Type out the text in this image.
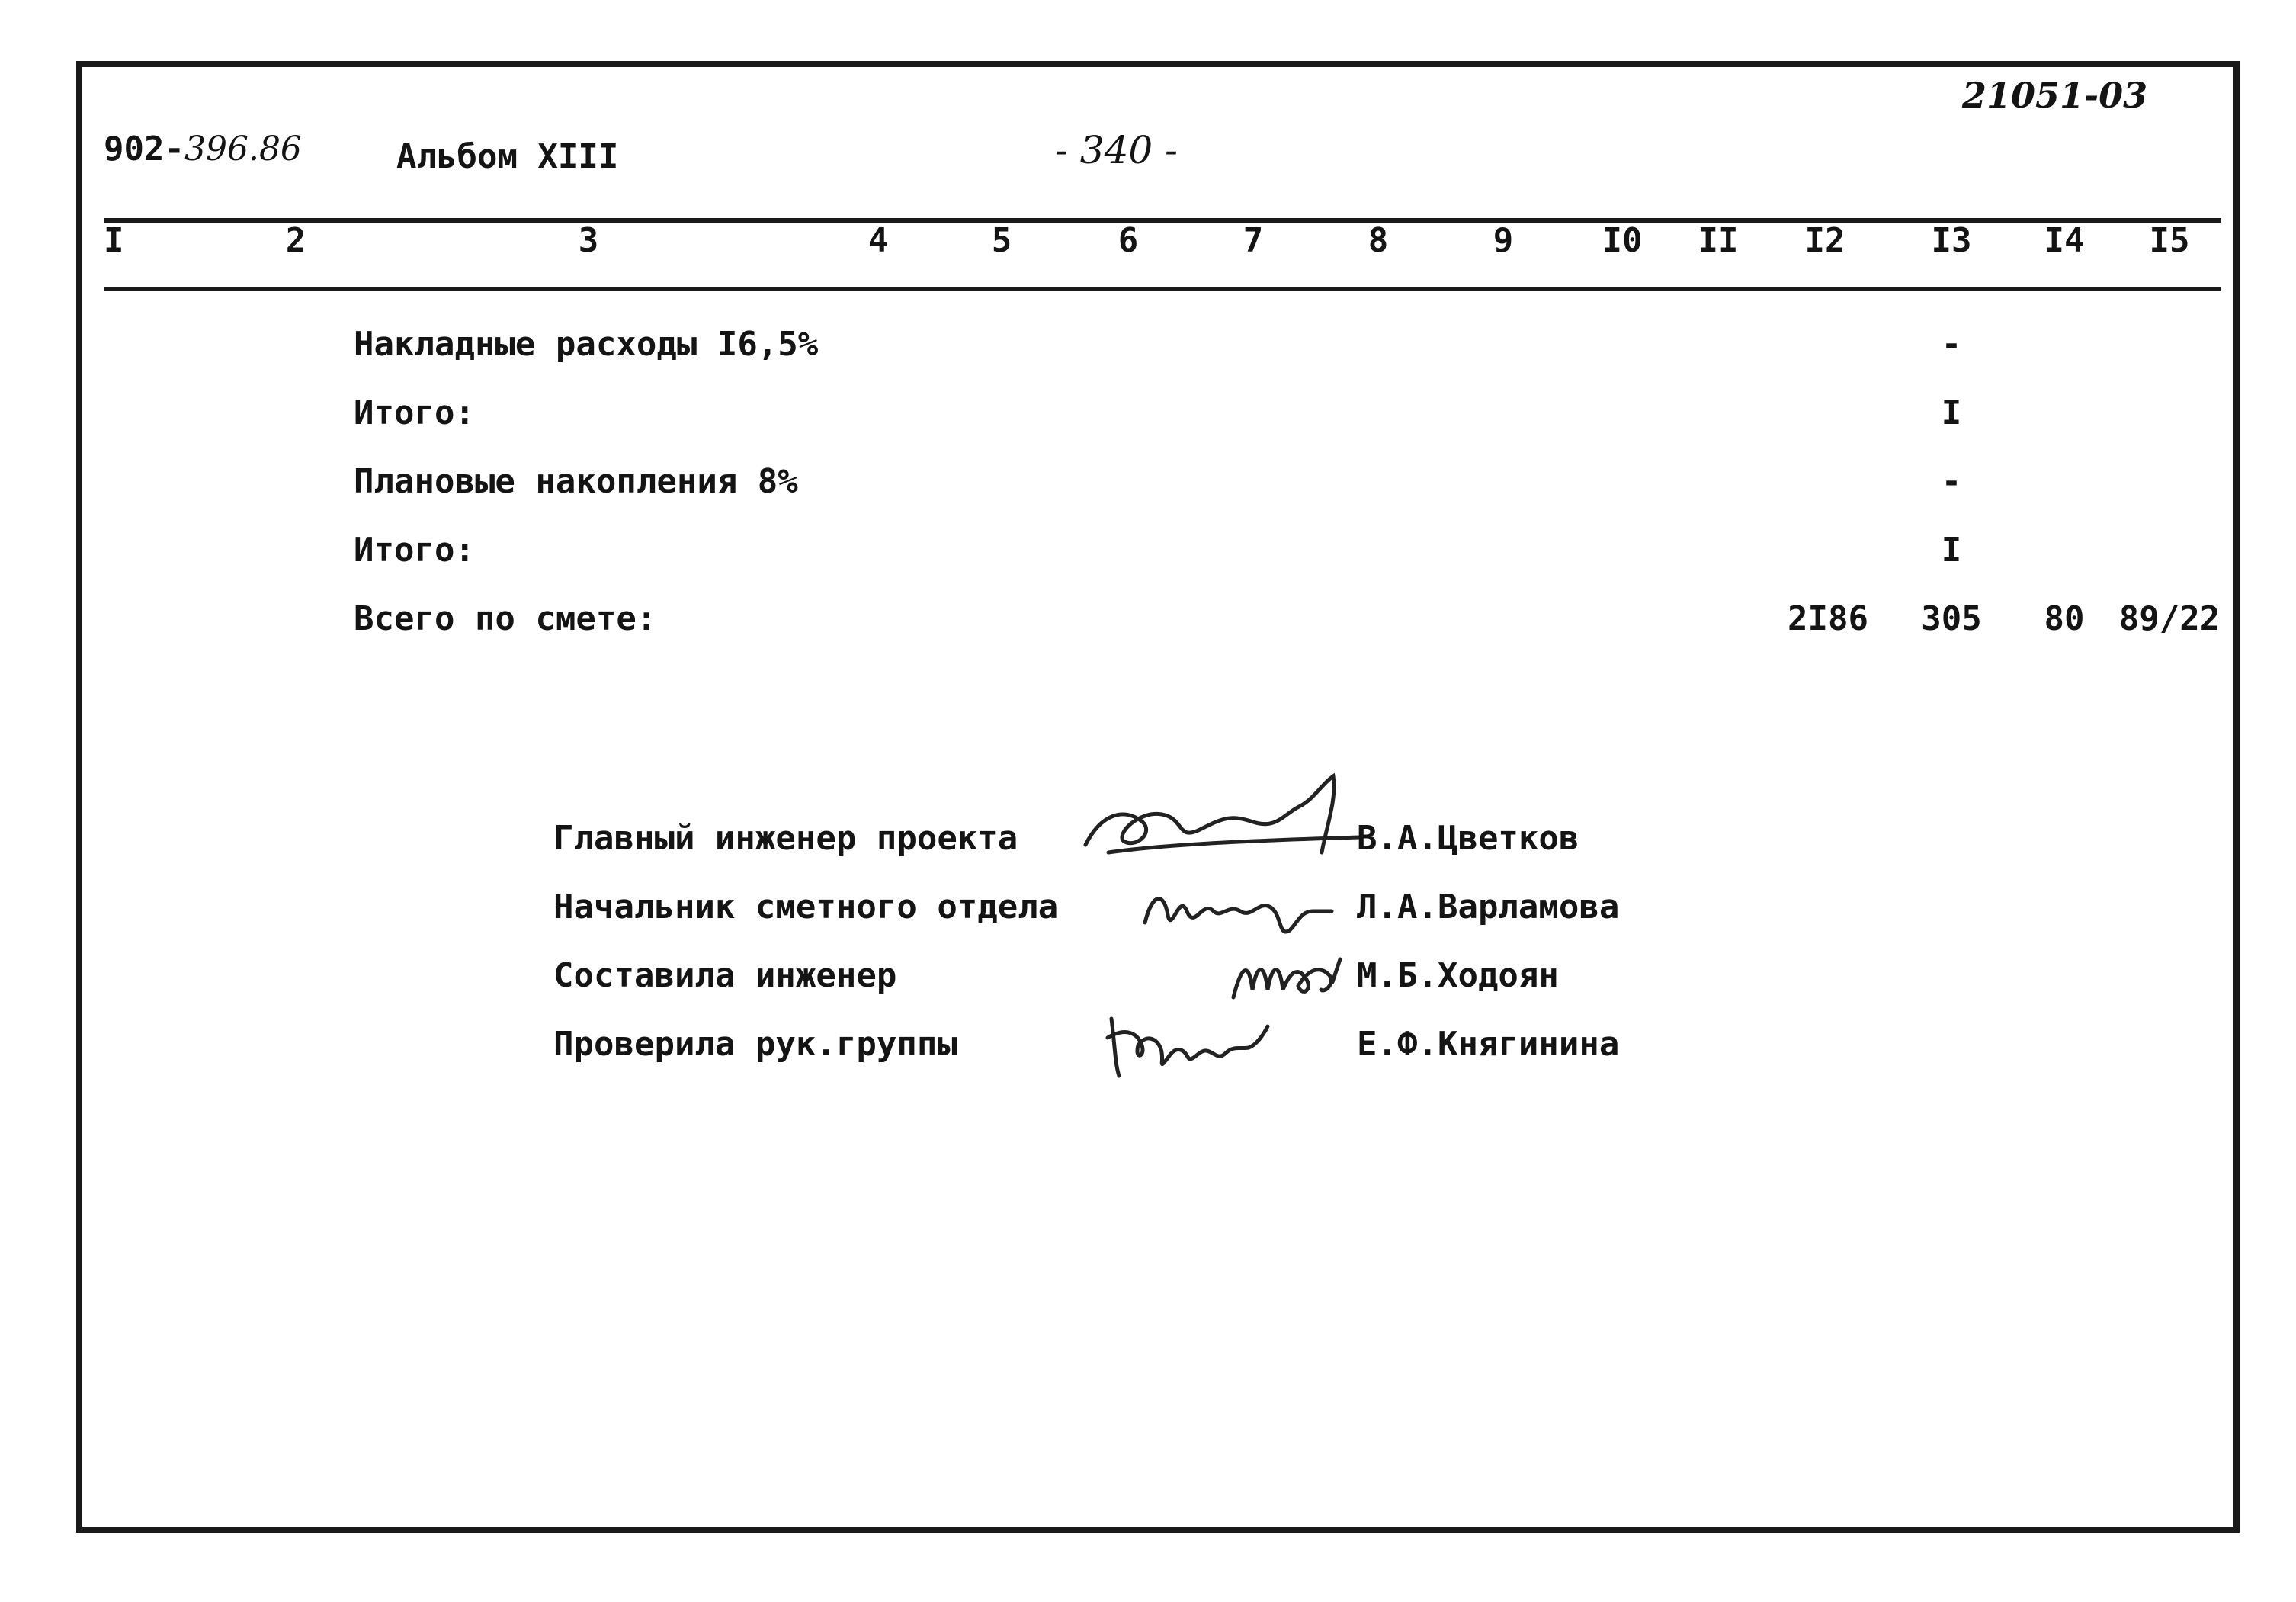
902-396.86	Альбом XIII	- 340 -
21051-03
I	2	3	4	5	6	7	8	9	I0 II I2	I3 I4 I5
Накладные расходы I6,5%	-
Итого:	I
Плановые накопления 8%	-
Итого:	I
Всего по смете:	2I86 305 80 89/22
Главный инженер проекта	В.А.Цветков
Начальник сметного отдела	Л.А.Варламова
Составила инженер	М.Б.Ходоян
Проверила рук.группы	Е.Ф.Княгинина
